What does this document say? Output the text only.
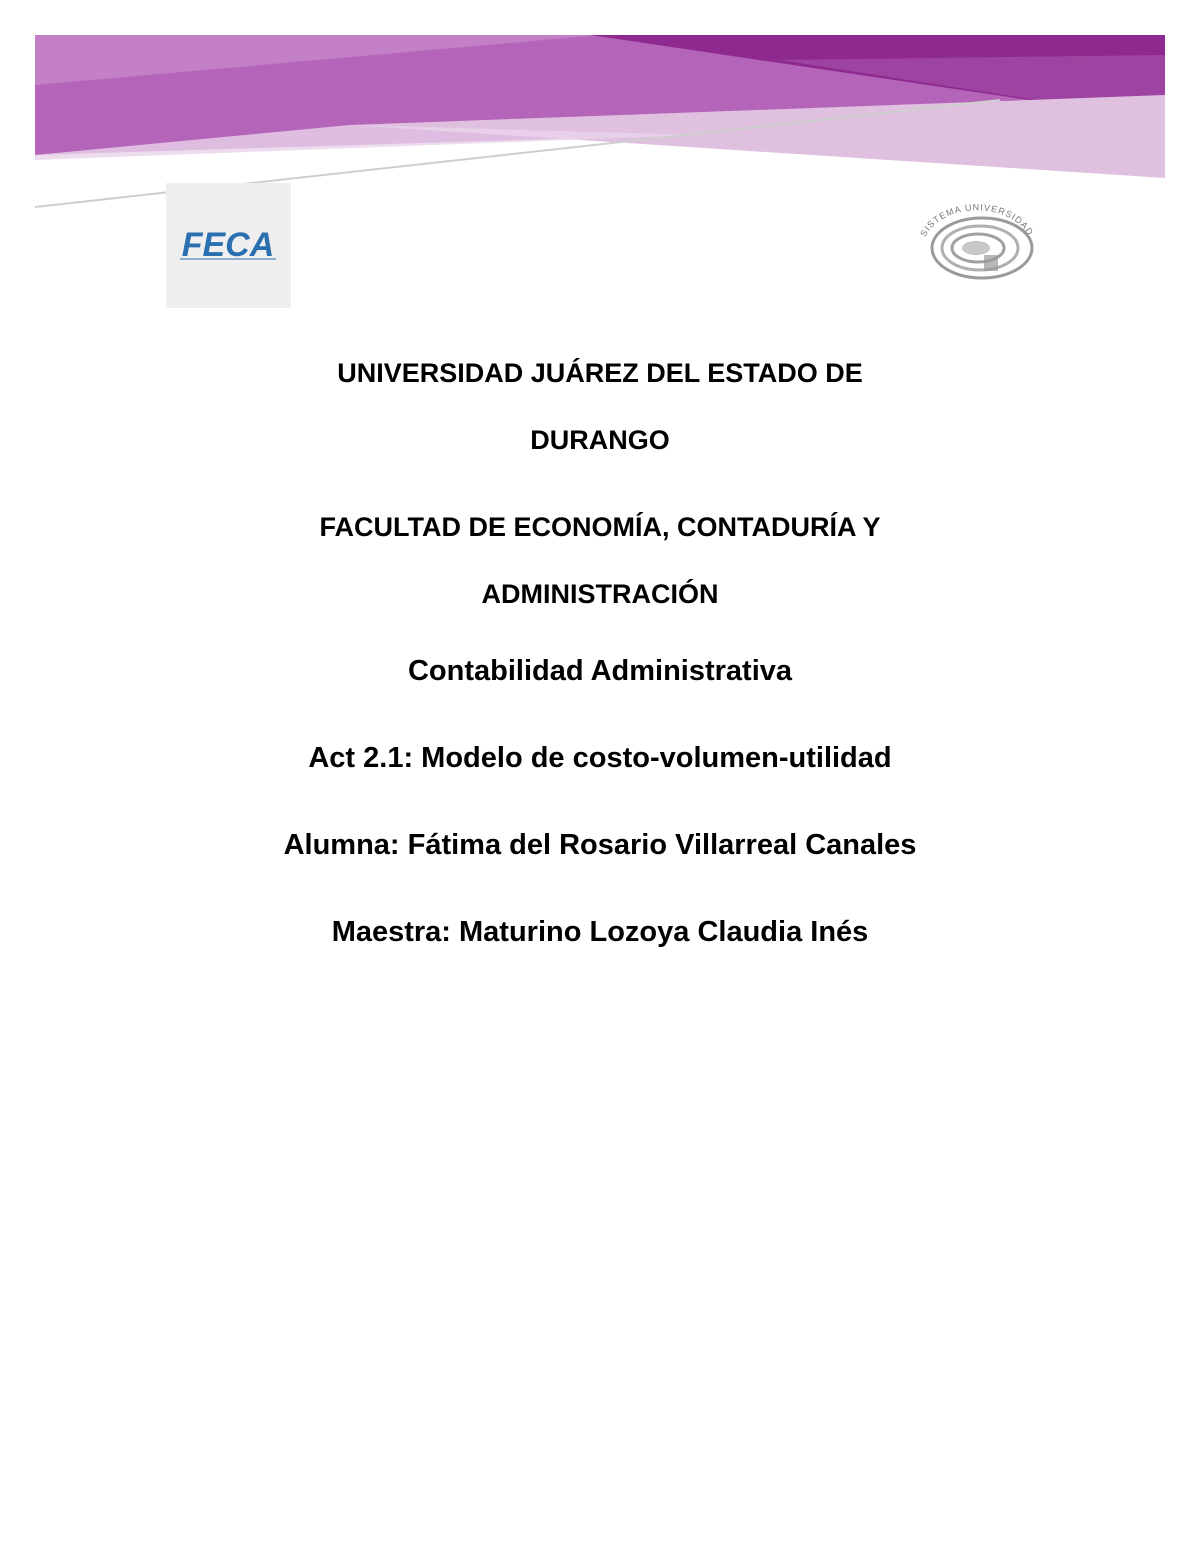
FECA	SISTEMA UNIVERSIDAD
UNIVERSIDAD JUÁREZ DEL ESTADO DE
DURANGO
FACULTAD DE ECONOMÍA, CONTADURÍA Y
ADMINISTRACIÓN
Contabilidad Administrativa
Act 2.1: Modelo de costo-volumen-utilidad
Alumna: Fátima del Rosario Villarreal Canales
Maestra: Maturino Lozoya Claudia Inés
